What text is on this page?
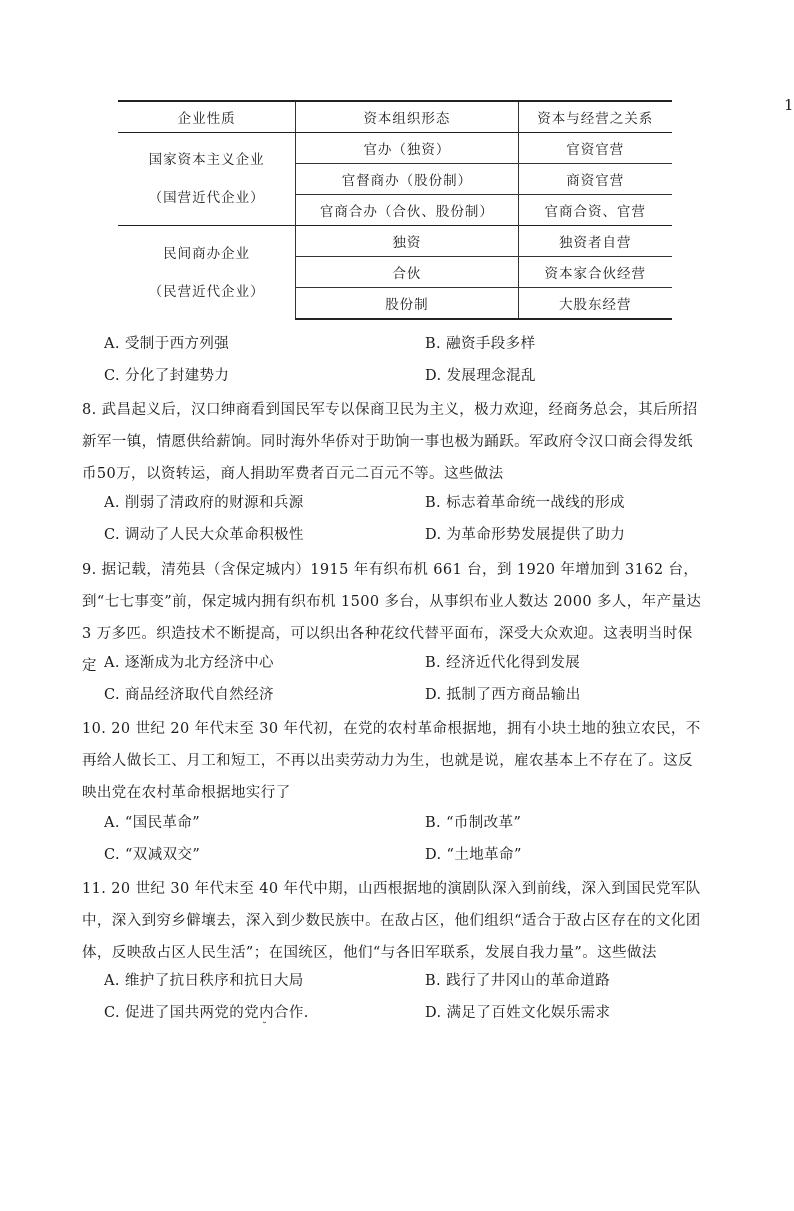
1
企业性质	资本组织形态	资本与经营之关系

国家资本主义企业
（国营近代企业）	官办（独资）	官资官营
	官督商办（股份制）	商资官营
	官商合办（合伙、股份制）	官商合资、官营

民间商办企业
（民营近代企业）	独资	独资者自营
	合伙	资本家合伙经营
	股份制	大股东经营
A. 受制于西方列强	B. 融资手段多样
C. 分化了封建势力	D. 发展理念混乱
8. 武昌起义后，汉口绅商看到国民军专以保商卫民为主义，极力欢迎，经商务总会，其后所招新军一镇，情愿供给薪饷。同时海外华侨对于助饷一事也极为踊跃。军政府令汉口商会得发纸币50万，以资转运，商人捐助军费者百元二百元不等。这些做法
A. 削弱了清政府的财源和兵源	B. 标志着革命统一战线的形成
C. 调动了人民大众革命积极性	D. 为革命形势发展提供了助力
9. 据记载，清苑县（含保定城内）1915 年有织布机 661 台，到 1920 年增加到 3162 台，到“七七事变”前，保定城内拥有织布机 1500 多台，从事织布业人数达 2000 多人，年产量达 3 万多匹。织造技术不断提高，可以织出各种花纹代替平面布，深受大众欢迎。这表明当时保定 A. 逐渐成为北方经济中心	B. 经济近代化得到发展
C. 商品经济取代自然经济	D. 抵制了西方商品输出
10. 20 世纪 20 年代末至 30 年代初，在党的农村革命根据地，拥有小块土地的独立农民，不再给人做长工、月工和短工，不再以出卖劳动力为生，也就是说，雇农基本上不存在了。这反映出党在农村革命根据地实行了
A. “国民革命”	B. “币制改革”
C. “双减双交”	D. “土地革命”
11. 20 世纪 30 年代末至 40 年代中期，山西根据地的演剧队深入到前线，深入到国民党军队中，深入到穷乡僻壤去，深入到少数民族中。在敌占区，他们组织“适合于敌占区存在的文化团体，反映敌占区人民生活”；在国统区，他们“与各旧军联系，发展自我力量”。这些做法
A. 维护了抗日秩序和抗日大局	B. 践行了井冈山的革命道路
C. 促进了国共两党的党内合作.	D. 满足了百姓文化娱乐需求
˘
